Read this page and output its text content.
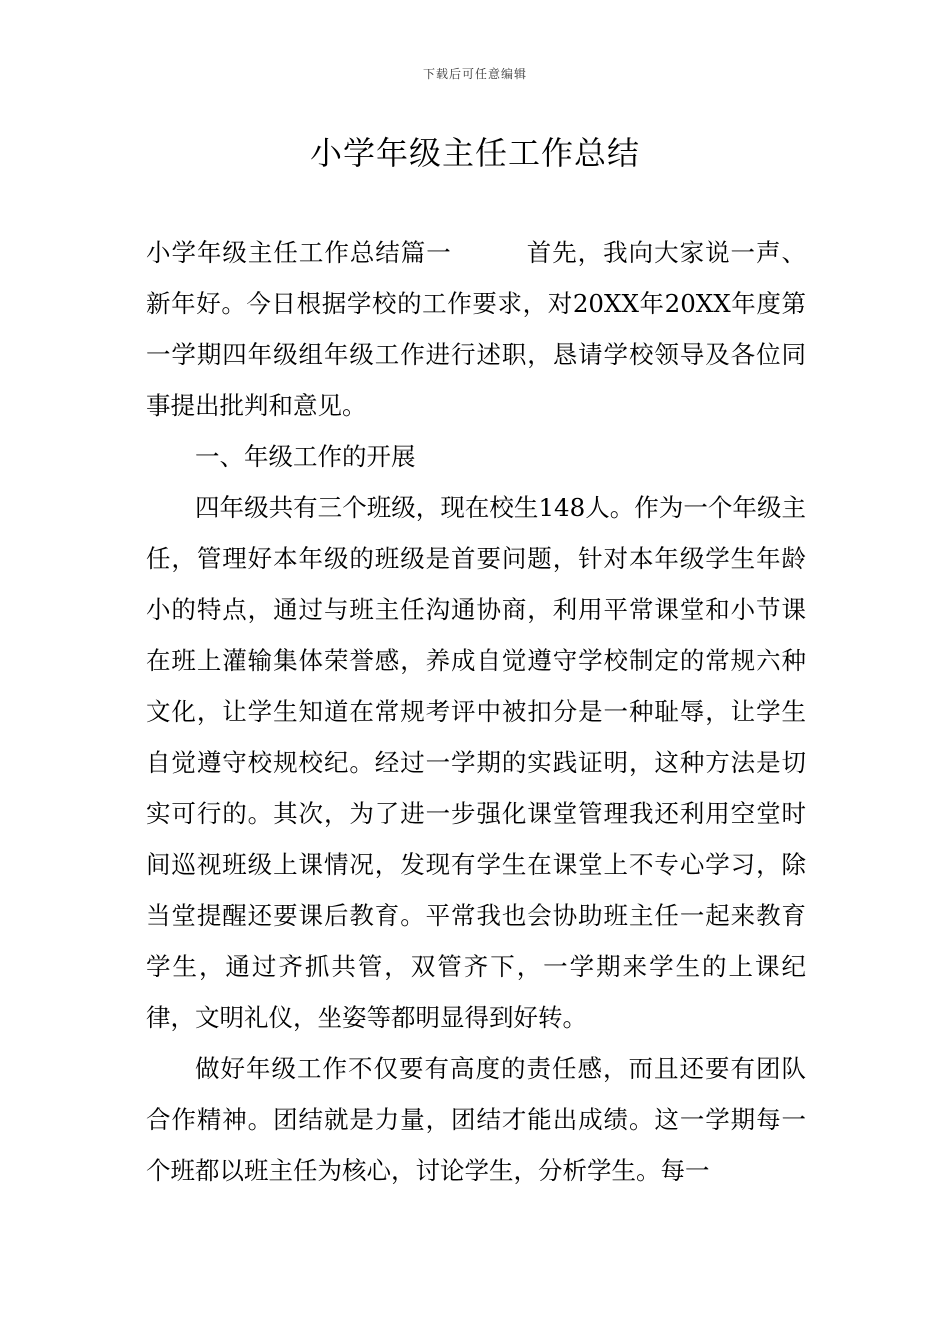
下载后可任意编辑
小学年级主任工作总结

小学年级主任工作总结篇一	首先，我向大家说一声、新年好。今日根据学校的工作要求，对20XX年20XX年度第一学期四年级组年级工作进行述职，恳请学校领导及各位同事提出批判和意见。

一、年级工作的开展

四年级共有三个班级，现在校生148人。作为一个年级主任，管理好本年级的班级是首要问题，针对本年级学生年龄小的特点，通过与班主任沟通协商，利用平常课堂和小节课在班上灌输集体荣誉感，养成自觉遵守学校制定的常规六种文化，让学生知道在常规考评中被扣分是一种耻辱，让学生自觉遵守校规校纪。经过一学期的实践证明，这种方法是切实可行的。其次，为了进一步强化课堂管理我还利用空堂时间巡视班级上课情况，发现有学生在课堂上不专心学习，除当堂提醒还要课后教育。平常我也会协助班主任一起来教育学生，通过齐抓共管，双管齐下，一学期来学生的上课纪律，文明礼仪，坐姿等都明显得到好转。

做好年级工作不仅要有高度的责任感，而且还要有团队合作精神。团结就是力量，团结才能出成绩。这一学期每一个班都以班主任为核心，讨论学生，分析学生。每一
